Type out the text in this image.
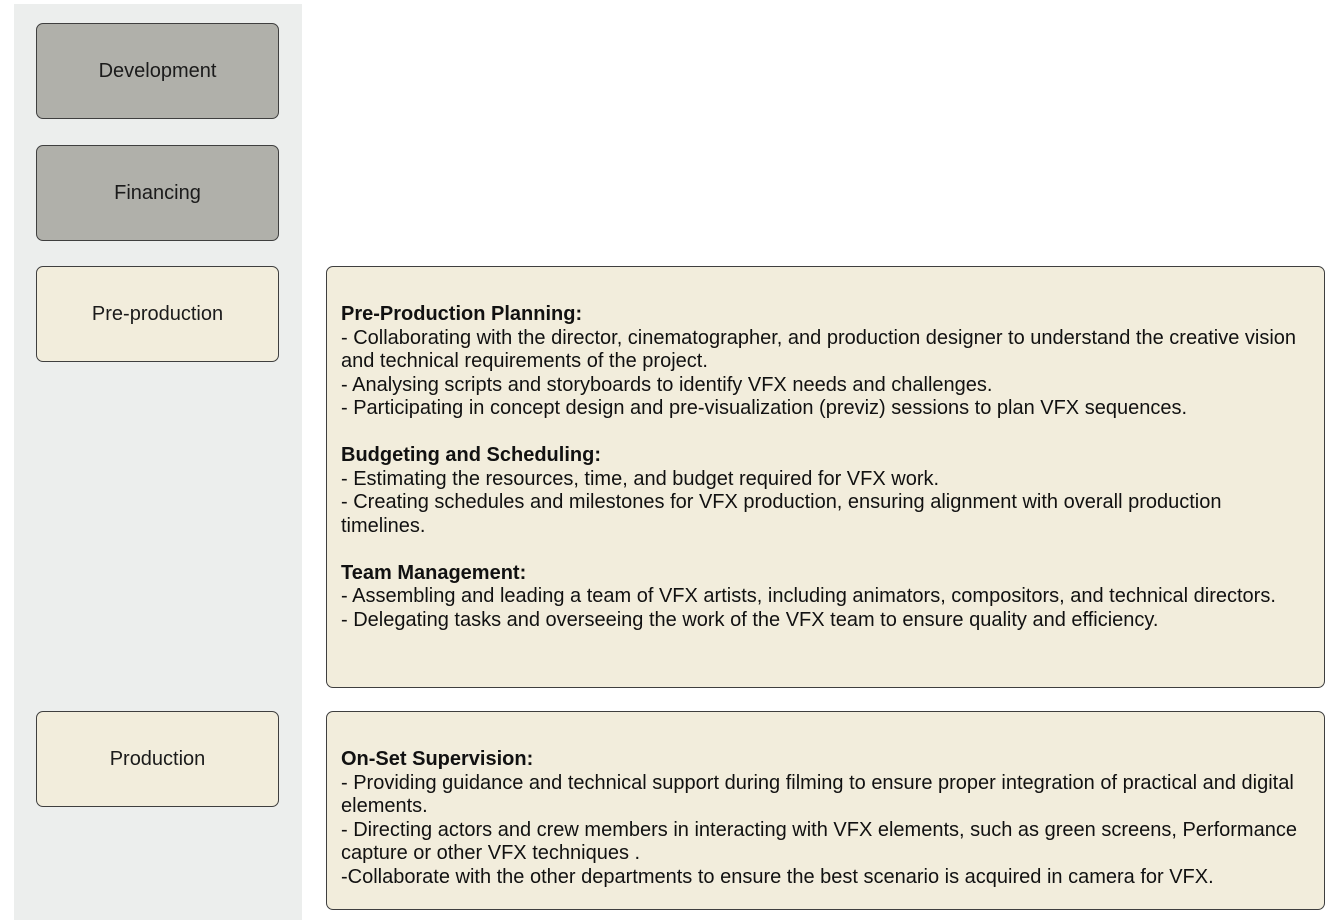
Development
Financing
Pre-production
Production
Pre-Production Planning:
- Collaborating with the director, cinematographer, and production designer to understand the creative vision and technical requirements of the project.
- Analysing scripts and storyboards to identify VFX needs and challenges.
- Participating in concept design and pre-visualization (previz) sessions to plan VFX sequences.
Budgeting and Scheduling:
- Estimating the resources, time, and budget required for VFX work.
- Creating schedules and milestones for VFX production, ensuring alignment with overall production timelines.
Team Management:
- Assembling and leading a team of VFX artists, including animators, compositors, and technical directors.
- Delegating tasks and overseeing the work of the VFX team to ensure quality and efficiency.
On-Set Supervision:
- Providing guidance and technical support during filming to ensure proper integration of practical and digital elements.
- Directing actors and crew members in interacting with VFX elements, such as green screens, Performance capture or other VFX techniques .
-Collaborate with the other departments to ensure the best scenario is acquired in camera for VFX.
